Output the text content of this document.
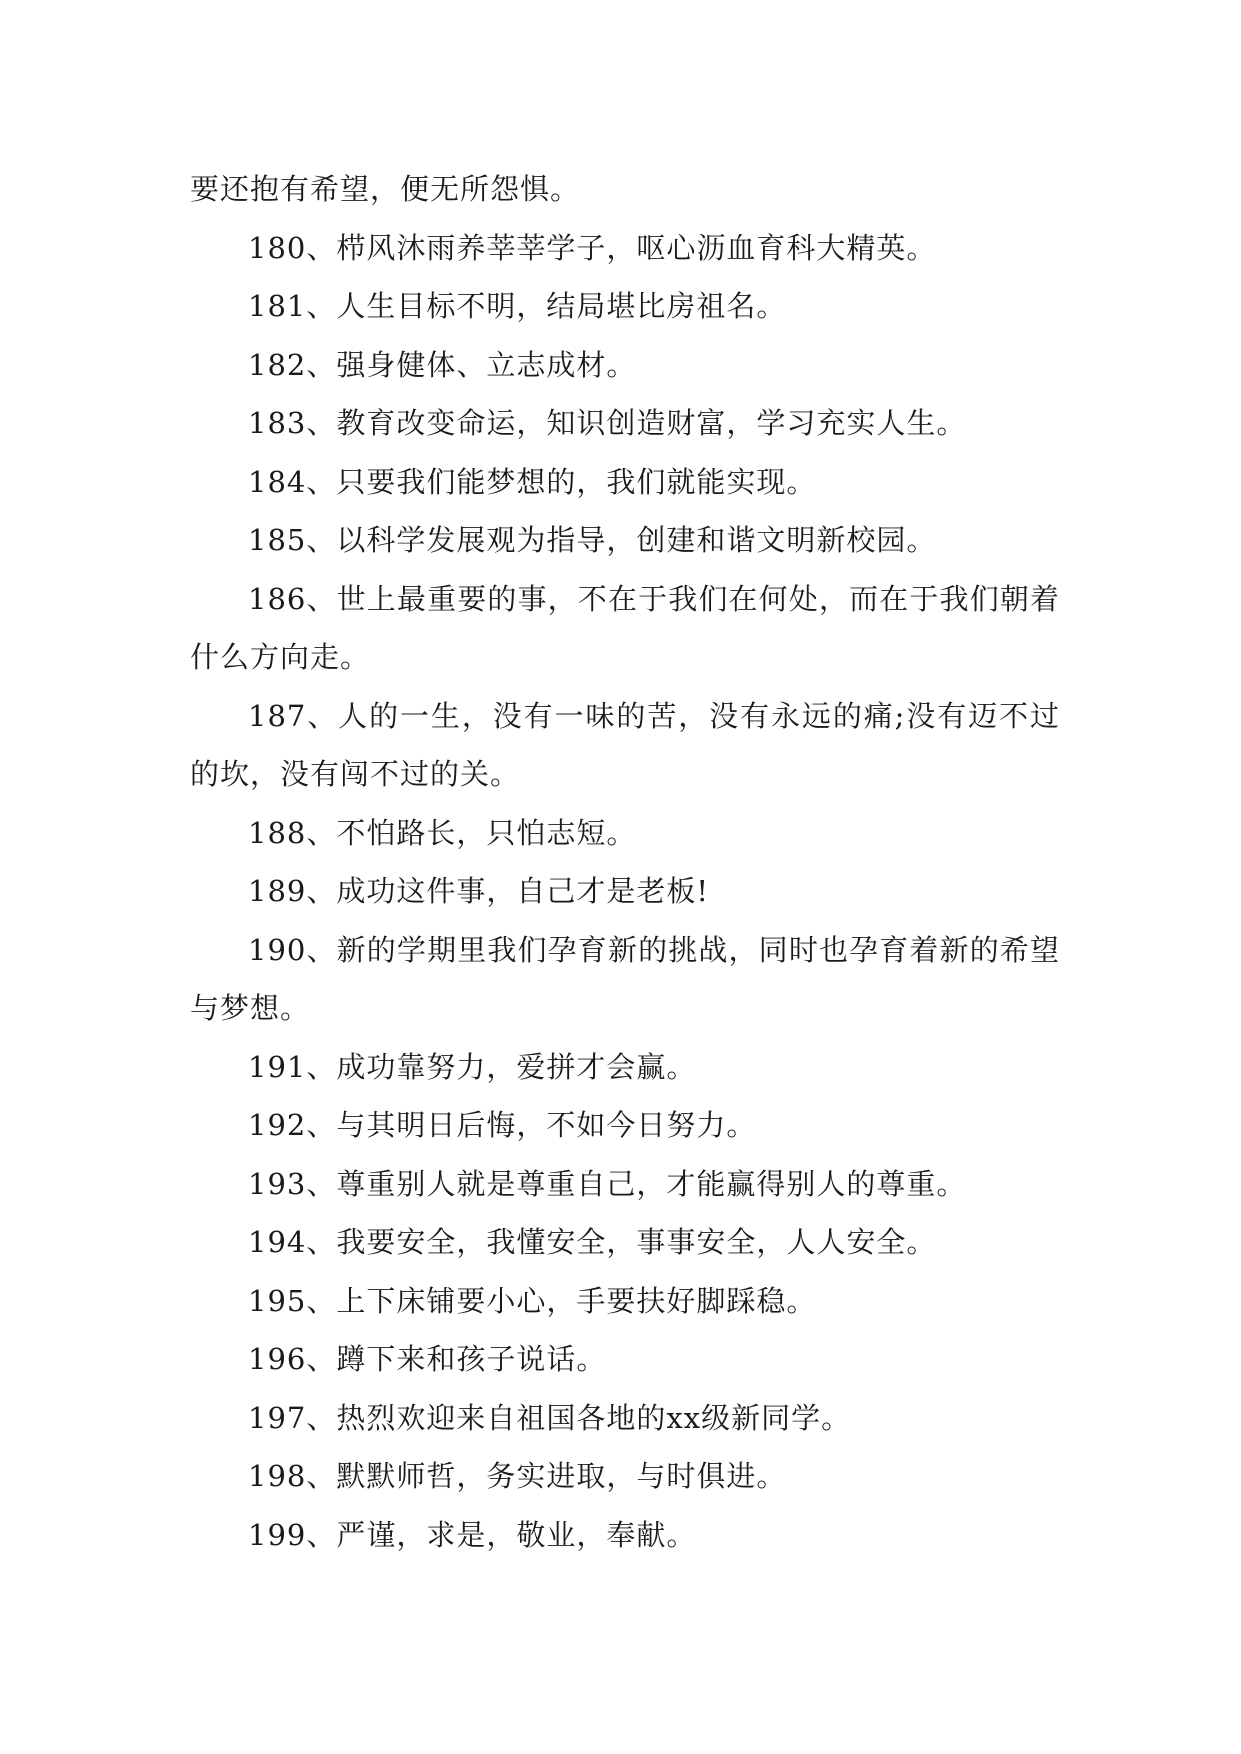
要还抱有希望，便无所怨惧。

180、栉风沐雨养莘莘学子，呕心沥血育科大精英。

181、人生目标不明，结局堪比房祖名。

182、强身健体、立志成材。

183、教育改变命运，知识创造财富，学习充实人生。

184、只要我们能梦想的，我们就能实现。

185、以科学发展观为指导，创建和谐文明新校园。

186、世上最重要的事，不在于我们在何处，而在于我们朝着什么方向走。

187、人的一生，没有一味的苦，没有永远的痛;没有迈不过的坎，没有闯不过的关。

188、不怕路长，只怕志短。

189、成功这件事，自己才是老板!

190、新的学期里我们孕育新的挑战，同时也孕育着新的希望与梦想。

191、成功靠努力，爱拼才会赢。

192、与其明日后悔，不如今日努力。

193、尊重别人就是尊重自己，才能赢得别人的尊重。

194、我要安全，我懂安全，事事安全，人人安全。

195、上下床铺要小心，手要扶好脚踩稳。

196、蹲下来和孩子说话。

197、热烈欢迎来自祖国各地的xx级新同学。

198、默默师哲，务实进取，与时俱进。

199、严谨，求是，敬业，奉献。
